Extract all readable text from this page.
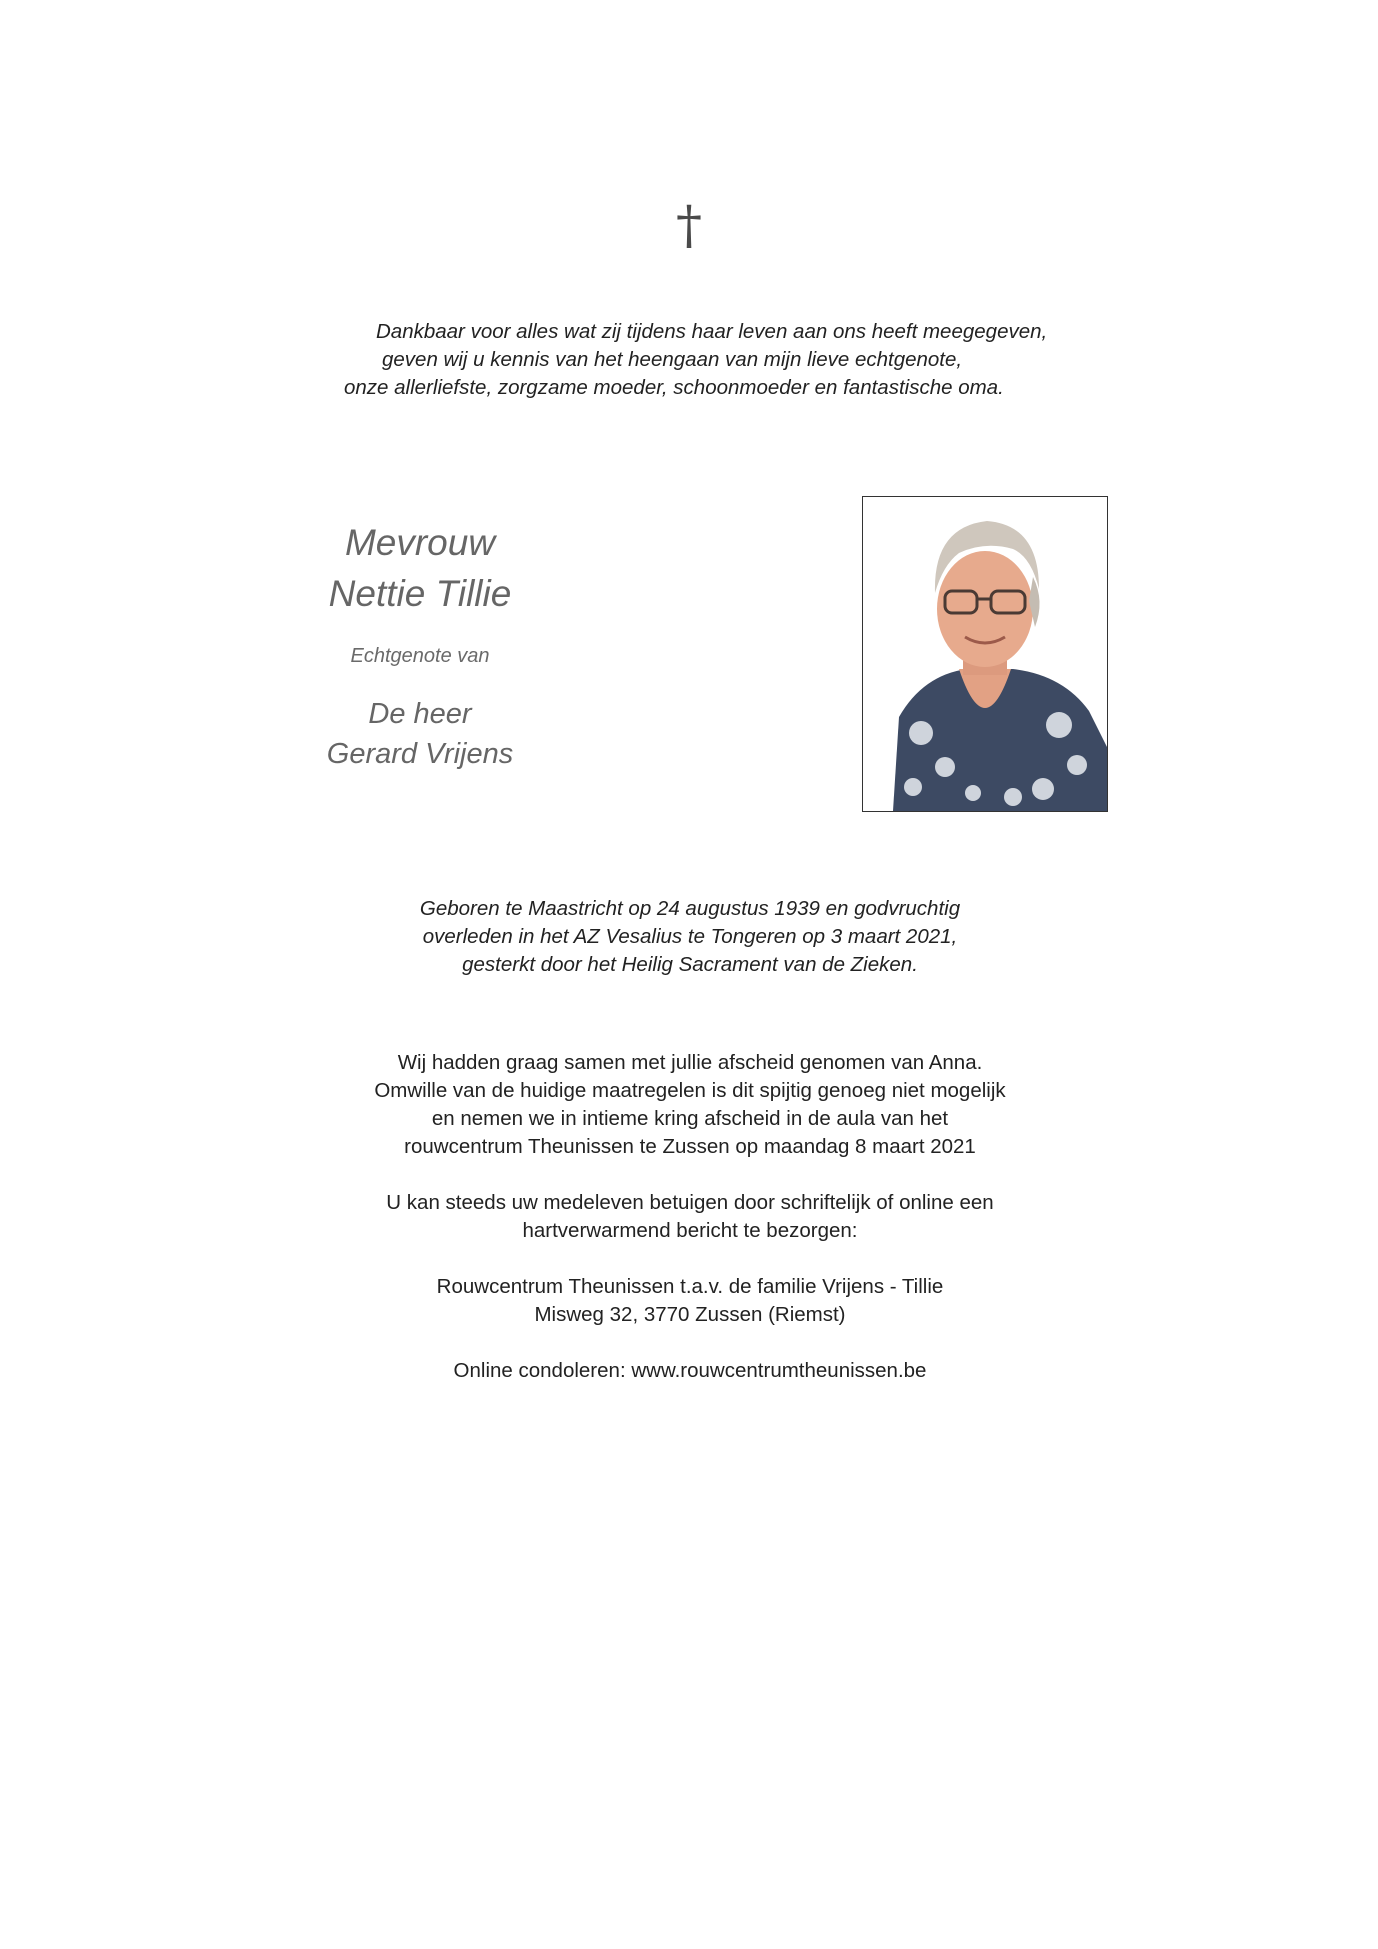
†
Dankbaar voor alles wat zij tijdens haar leven aan ons heeft meegegeven,
geven wij u kennis van het heengaan van mijn lieve echtgenote,
onze allerliefste, zorgzame moeder, schoonmoeder en fantastische oma.
Mevrouw
Nettie Tillie
Echtgenote van
De heer
Gerard Vrijens
Geboren te Maastricht op 24 augustus 1939 en godvruchtig
overleden in het AZ Vesalius te Tongeren op 3 maart 2021,
gesterkt door het Heilig Sacrament van de Zieken.
Wij hadden graag samen met jullie afscheid genomen van Anna.
Omwille van de huidige maatregelen is dit spijtig genoeg niet mogelijk
en nemen we in intieme kring afscheid in de aula van het
rouwcentrum Theunissen te Zussen op maandag 8 maart 2021
U kan steeds uw medeleven betuigen door schriftelijk of online een
hartverwarmend bericht te bezorgen:
Rouwcentrum Theunissen t.a.v. de familie Vrijens - Tillie
Misweg 32, 3770 Zussen (Riemst)
Online condoleren: www.rouwcentrumtheunissen.be
